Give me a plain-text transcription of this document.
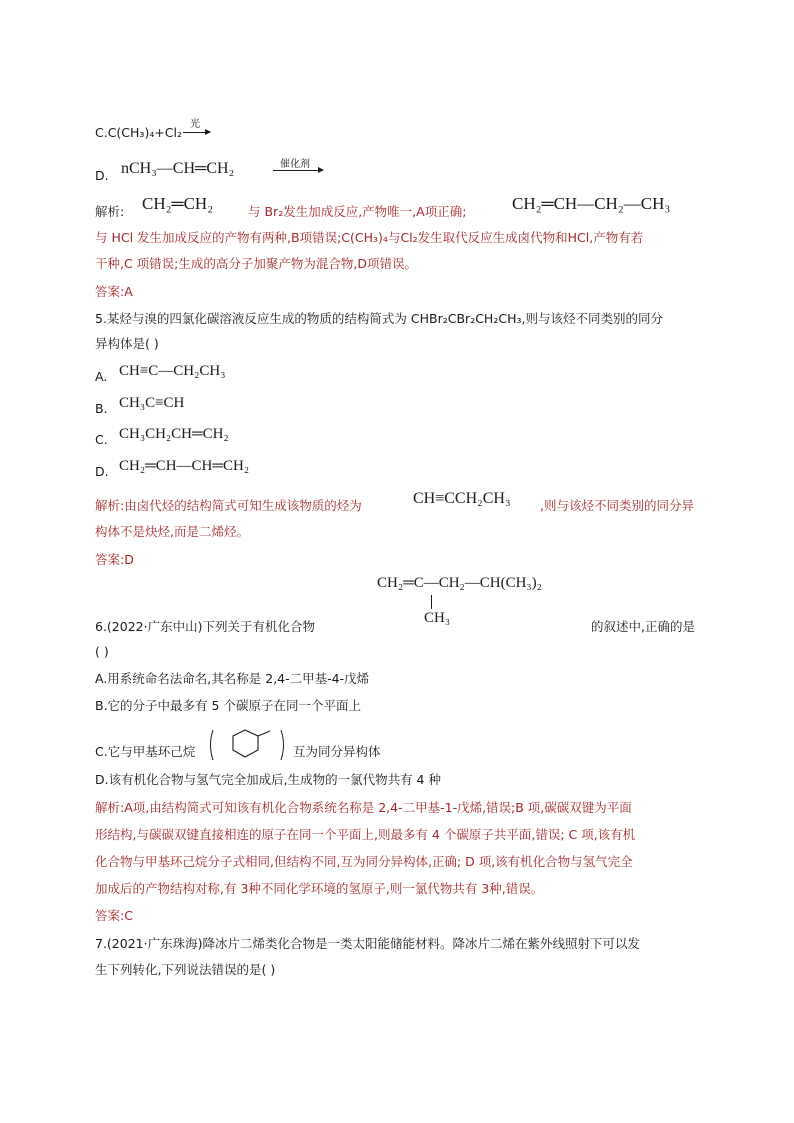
C.C(CH₃)₄+Cl₂
光
D. nCH₃—CH═CH₂	催化剂
解析: CH₂═CH₂	与 Br₂发生加成反应,产物唯一,A项正确;	CH₂═CH—CH₂—CH₃
与 HCl 发生加成反应的产物有两种,B项错误;C(CH₃)₄与Cl₂发生取代反应生成卤代物和HCl,产物有若
干种,C 项错误;生成的高分子加聚产物为混合物,D项错误。
答案:A
5.某烃与溴的四氯化碳溶液反应生成的物质的结构简式为 CHBr₂CBr₂CH₂CH₃,则与该烃不同类别的同分
异构体是( )
A. CH≡C—CH₂CH₃
B. CH₃C≡CH
C. CH₃CH₂CH═CH₂
D. CH₂═CH—CH═CH₂
解析:由卤代烃的结构简式可知生成该物质的烃为	CH≡CCH₂CH₃ ,则与该烃不同类别的同分异
构体不是炔烃,而是二烯烃。
答案:D
CH₂═C—CH₂—CH(CH₃)₂
CH₃
6.(2022·广东中山)下列关于有机化合物	的叙述中,正确的是
( )
A.用系统命名法命名,其名称是 2,4-二甲基-4-戊烯
B.它的分子中最多有 5 个碳原子在同一个平面上
C.它与甲基环己烷	互为同分异构体
D.该有机化合物与氢气完全加成后,生成物的一氯代物共有 4 种
解析:A项,由结构简式可知该有机化合物系统名称是 2,4-二甲基-1-戊烯,错误;B 项,碳碳双键为平面
形结构,与碳碳双键直接相连的原子在同一个平面上,则最多有 4 个碳原子共平面,错误; C 项,该有机
化合物与甲基环己烷分子式相同,但结构不同,互为同分异构体,正确; D 项,该有机化合物与氢气完全
加成后的产物结构对称,有 3种不同化学环境的氢原子,则一氯代物共有 3种,错误。
答案:C
7.(2021·广东珠海)降冰片二烯类化合物是一类太阳能储能材料。降冰片二烯在紫外线照射下可以发
生下列转化,下列说法错误的是( )
